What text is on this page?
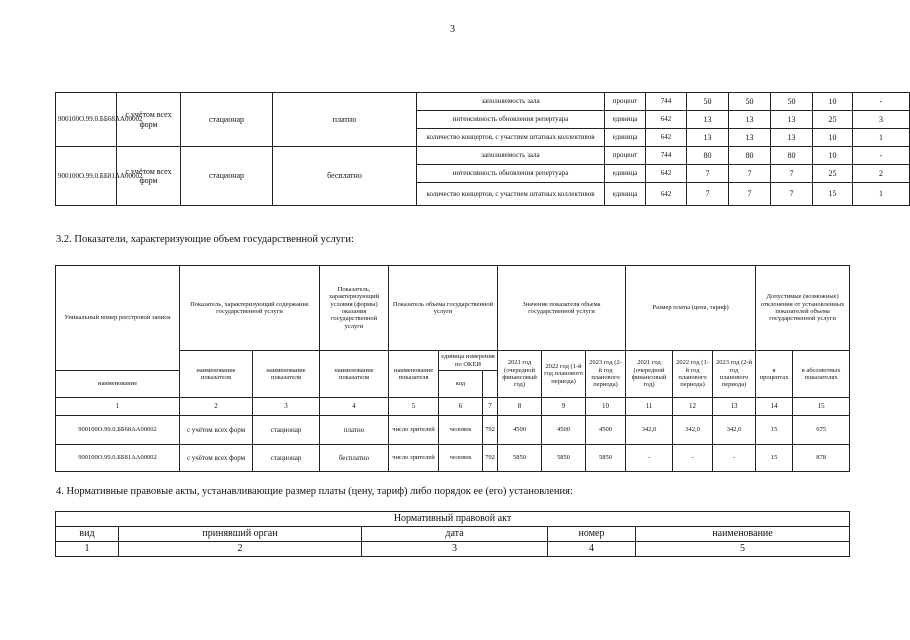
3
900100О.99.0.ББ68АА00002	с учётом всех форм	стационар	платно	заполняемость зала	процент	744	50	50	50	10	-
				интенсивность обновления репертуара	единица	642	13	13	13	25	3
				количество концертов, с участием штатных коллективов	единица	642	13	13	13	10	1
900100О.99.0.ББ81АА00002	с учётом всех форм	стационар	бесплатно	заполняемость зала	процент	744	80	80	80	10	-
				интенсивность обновления репертуара	единица	642	7	7	7	25	2
				количество концертов, с участием штатных коллективов	единица	642	7	7	7	15	1
3.2. Показатели, характеризующие объем государственной услуги:
Уникальный номер реестровой записи	Показатель, характеризующий содержание государственной услуги		Показатель, характеризующий условия (формы) оказания государственной услуги	Показатель объема государственной услуги			Значение показателя объема государственной услуги			Размер платы (цена, тариф)			Допустимые (возможные) отклонения от установленных показателей объема государственной услуги	

	наименование показателя	наименование показателя	наименование показателя	наименование показателя	единица измерения по ОКЕИ		2021 год (очередной финансовый год)	2022 год (1-й год планового периода)	2023 год (2-й год планового периода)	2021 год (очередной финансовый год)	2022 год (1-й год планового периода)	2023 год (2-й год планового периода)	в процентах	в абсолютных показателях
наименование					код									
1	2	3	4	5	6	7	8	9	10	11	12	13	14	15
900100О.99.0.ББ68АА00002	с учётом всех форм	стационар	платно	число зрителей	человек	792	4500	4500	4500	342,0	342,0	342,0	15	675
900100О.99.0.ББ81АА00002	с учётом всех форм	стационар	бесплатно	число зрителей	человек	792	5850	5850	5850	-	-	-	15	878
4. Нормативные правовые акты, устанавливающие размер платы (цену, тариф) либо порядок ее (его) установления:
Нормативный правовой акт				
вид	принявший орган	дата	номер	наименование
1	2	3	4	5
